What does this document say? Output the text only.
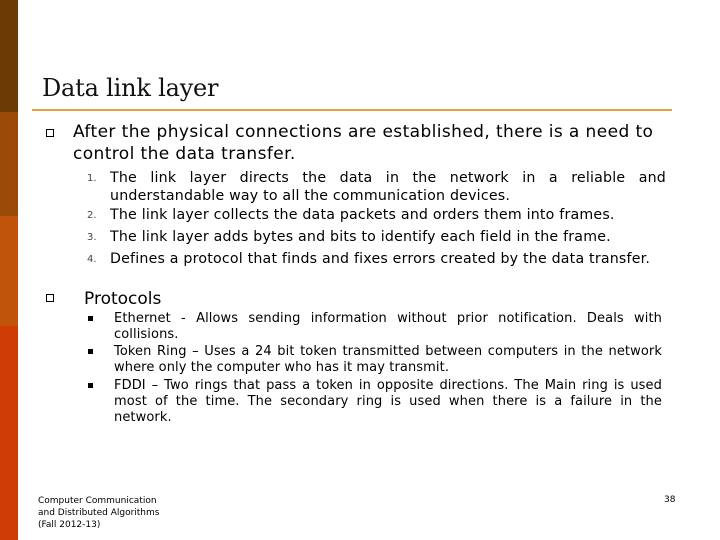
Data link layer
After the physical connections are established, there is a need to control the data transfer.
1. The link layer directs the data in the network in a reliable and understandable way to all the communication devices.
2. The link layer collects the data packets and orders them into frames.
3. The link layer adds bytes and bits to identify each field in the frame.
4. Defines a protocol that finds and fixes errors created by the data transfer.
Protocols
Ethernet - Allows sending information without prior notification. Deals with collisions.
Token Ring – Uses a 24 bit token transmitted between computers in the network where only the computer who has it may transmit.
FDDI – Two rings that pass a token in opposite directions. The Main ring is used most of the time. The secondary ring is used when there is a failure in the network.
Computer Communication
and Distributed Algorithms
(Fall 2012-13)
38
